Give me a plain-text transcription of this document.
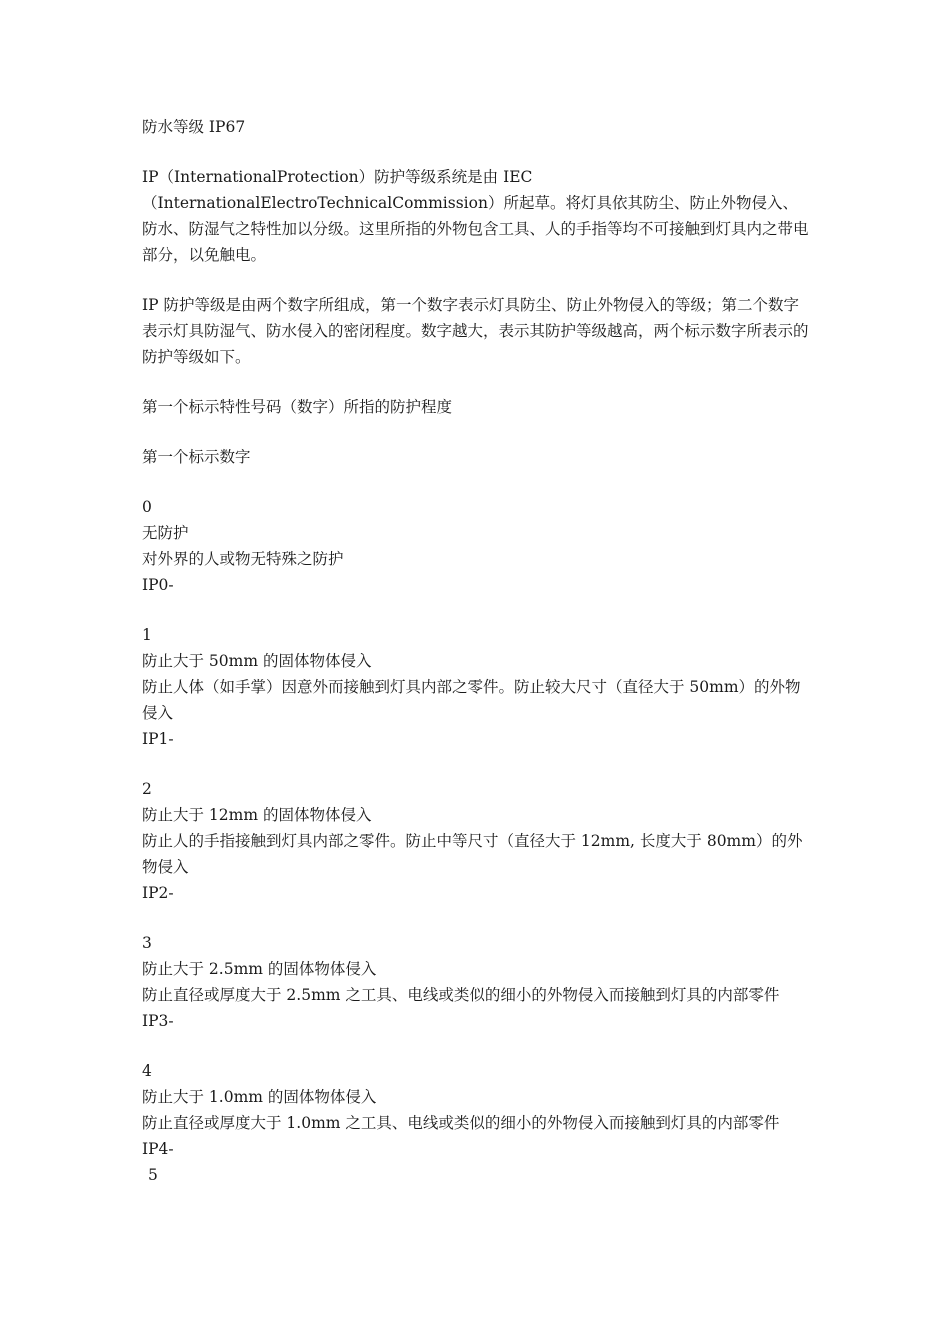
防水等级 IP67

IP（InternationalProtection）防护等级系统是由 IEC（InternationalElectroTechnicalCommission）所起草。将灯具依其防尘、防止外物侵入、防水、防湿气之特性加以分级。这里所指的外物包含工具、人的手指等均不可接触到灯具内之带电部分，以免触电。

IP 防护等级是由两个数字所组成，第一个数字表示灯具防尘、防止外物侵入的等级；第二个数字表示灯具防湿气、防水侵入的密闭程度。数字越大，表示其防护等级越高，两个标示数字所表示的防护等级如下。

第一个标示特性号码（数字）所指的防护程度

第一个标示数字

0

无防护

对外界的人或物无特殊之防护

IP0-

1

防止大于 50mm 的固体物体侵入

防止人体（如手掌）因意外而接触到灯具内部之零件。防止较大尺寸（直径大于 50mm）的外物侵入

IP1-

2

防止大于 12mm 的固体物体侵入

防止人的手指接触到灯具内部之零件。防止中等尺寸（直径大于 12mm, 长度大于 80mm）的外物侵入

IP2-

3

防止大于 2.5mm 的固体物体侵入

防止直径或厚度大于 2.5mm 之工具、电线或类似的细小的外物侵入而接触到灯具的内部零件

IP3-

4

防止大于 1.0mm 的固体物体侵入

防止直径或厚度大于 1.0mm 之工具、电线或类似的细小的外物侵入而接触到灯具的内部零件

IP4-

5
